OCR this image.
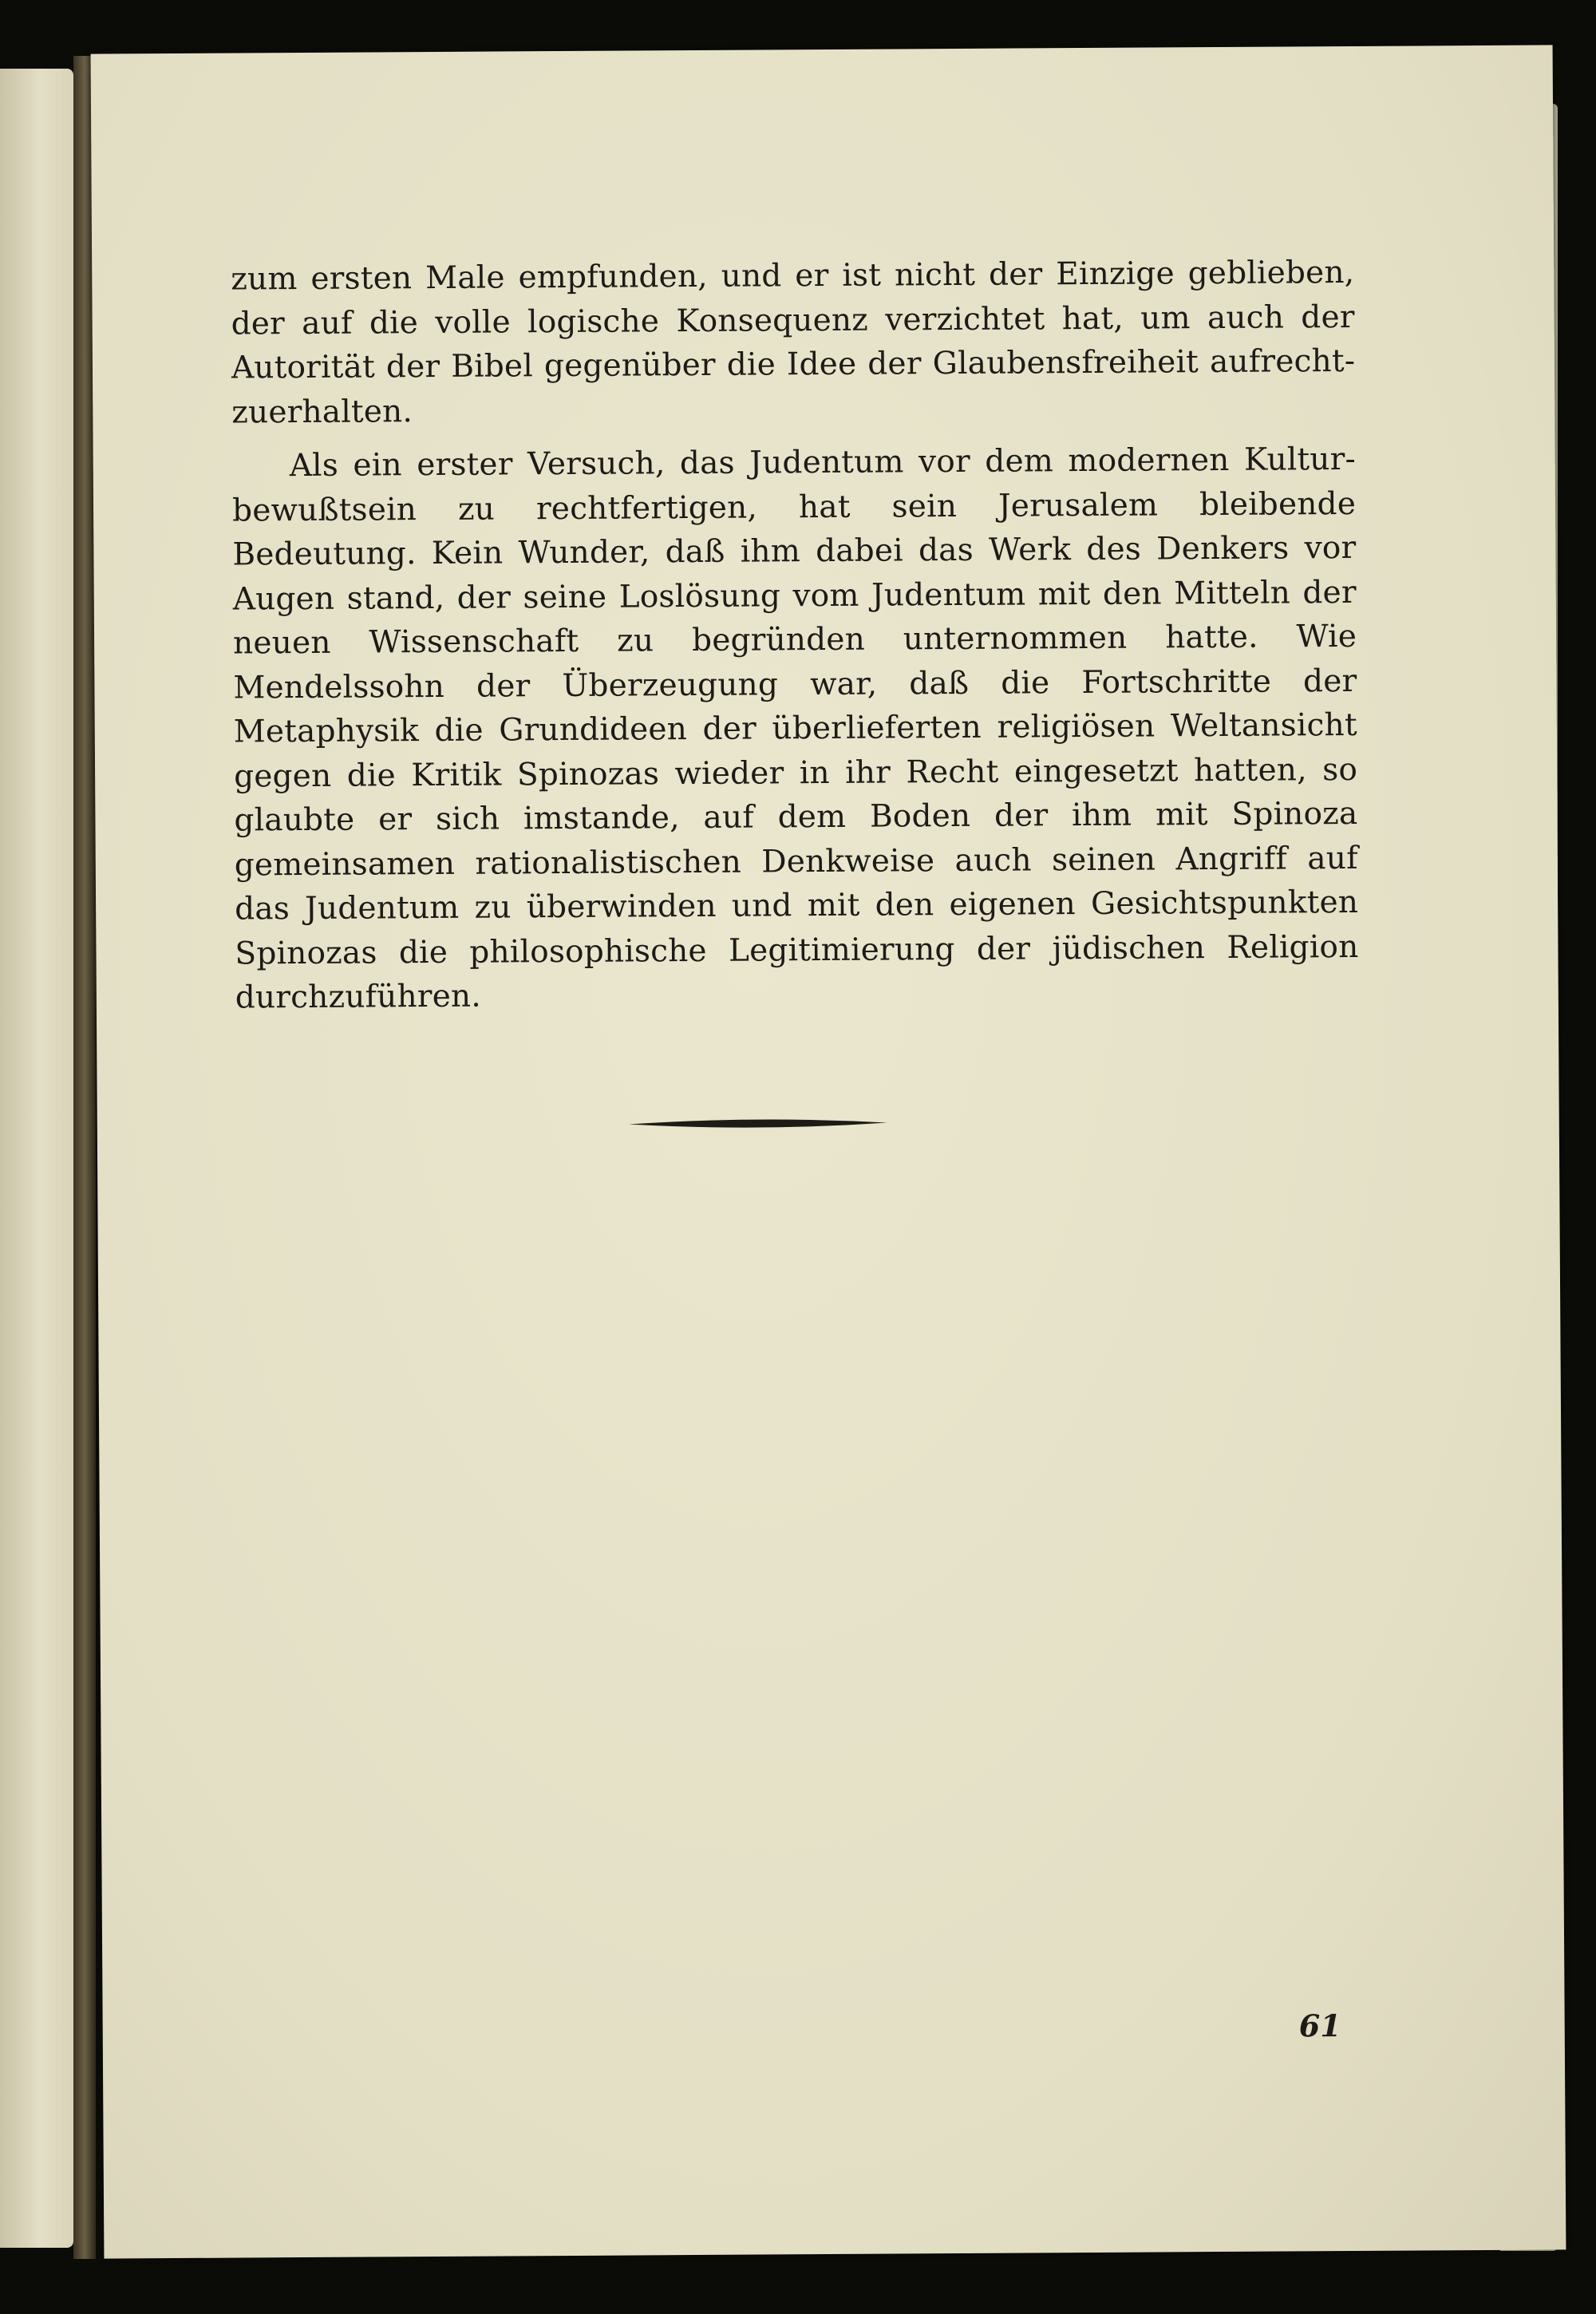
zum ersten Male empfunden, und er ist nicht der Einzige geblieben, der auf die volle logische Konsequenz verzichtet hat, um auch der Autorität der Bibel gegenüber die Idee der Glaubensfreiheit aufrechtzuerhalten.

Als ein erster Versuch, das Judentum vor dem modernen Kulturbewußtsein zu rechtfertigen, hat sein Jerusalem bleibende Bedeutung. Kein Wunder, daß ihm dabei das Werk des Denkers vor Augen stand, der seine Loslösung vom Judentum mit den Mitteln der neuen Wissenschaft zu begründen unternommen hatte. Wie Mendelssohn der Überzeugung war, daß die Fortschritte der Metaphysik die Grundideen der überlieferten religiösen Weltansicht gegen die Kritik Spinozas wieder in ihr Recht eingesetzt hatten, so glaubte er sich imstande, auf dem Boden der ihm mit Spinoza gemeinsamen rationalistischen Denkweise auch seinen Angriff auf das Judentum zu überwinden und mit den eigenen Gesichtspunkten Spinozas die philosophische Legitimierung der jüdischen Religion durchzuführen.

61
